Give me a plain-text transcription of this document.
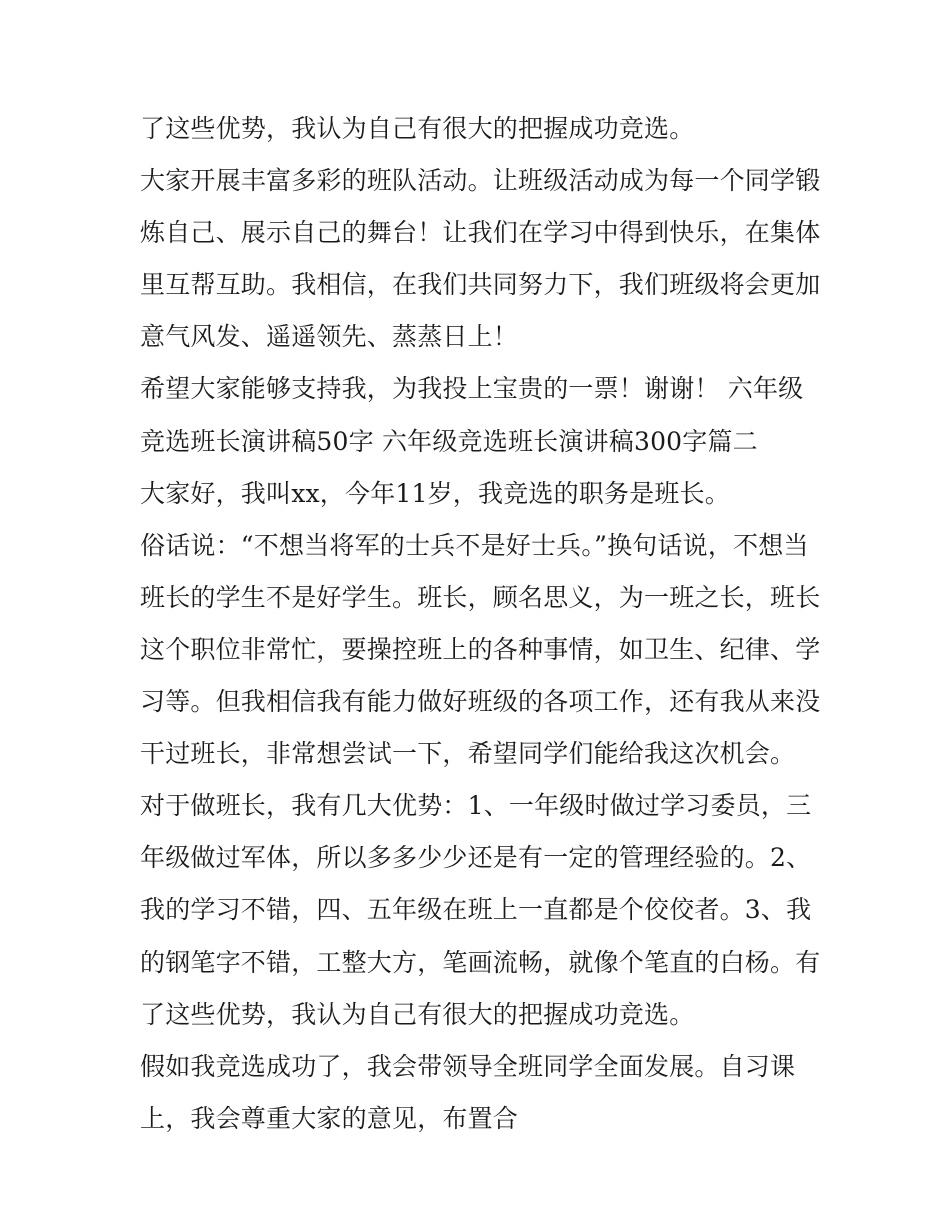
了这些优势，我认为自己有很大的把握成功竞选。
大家开展丰富多彩的班队活动。让班级活动成为每一个同学锻
炼自己、展示自己的舞台！让我们在学习中得到快乐，在集体
里互帮互助。我相信，在我们共同努力下，我们班级将会更加
意气风发、遥遥领先、蒸蒸日上！
希望大家能够支持我，为我投上宝贵的一票！谢谢！ 六年级
竞选班长演讲稿50字 六年级竞选班长演讲稿300字篇二
大家好，我叫xx，今年11岁，我竞选的职务是班长。
俗话说：“不想当将军的士兵不是好士兵。”换句话说，不想当
班长的学生不是好学生。班长，顾名思义，为一班之长，班长
这个职位非常忙，要操控班上的各种事情，如卫生、纪律、学
习等。但我相信我有能力做好班级的各项工作，还有我从来没
干过班长，非常想尝试一下，希望同学们能给我这次机会。
对于做班长，我有几大优势：1、一年级时做过学习委员，三
年级做过军体，所以多多少少还是有一定的管理经验的。2、
我的学习不错，四、五年级在班上一直都是个佼佼者。3、我
的钢笔字不错，工整大方，笔画流畅，就像个笔直的白杨。有
了这些优势，我认为自己有很大的把握成功竞选。
假如我竞选成功了，我会带领导全班同学全面发展。自习课
上，我会尊重大家的意见，布置合
